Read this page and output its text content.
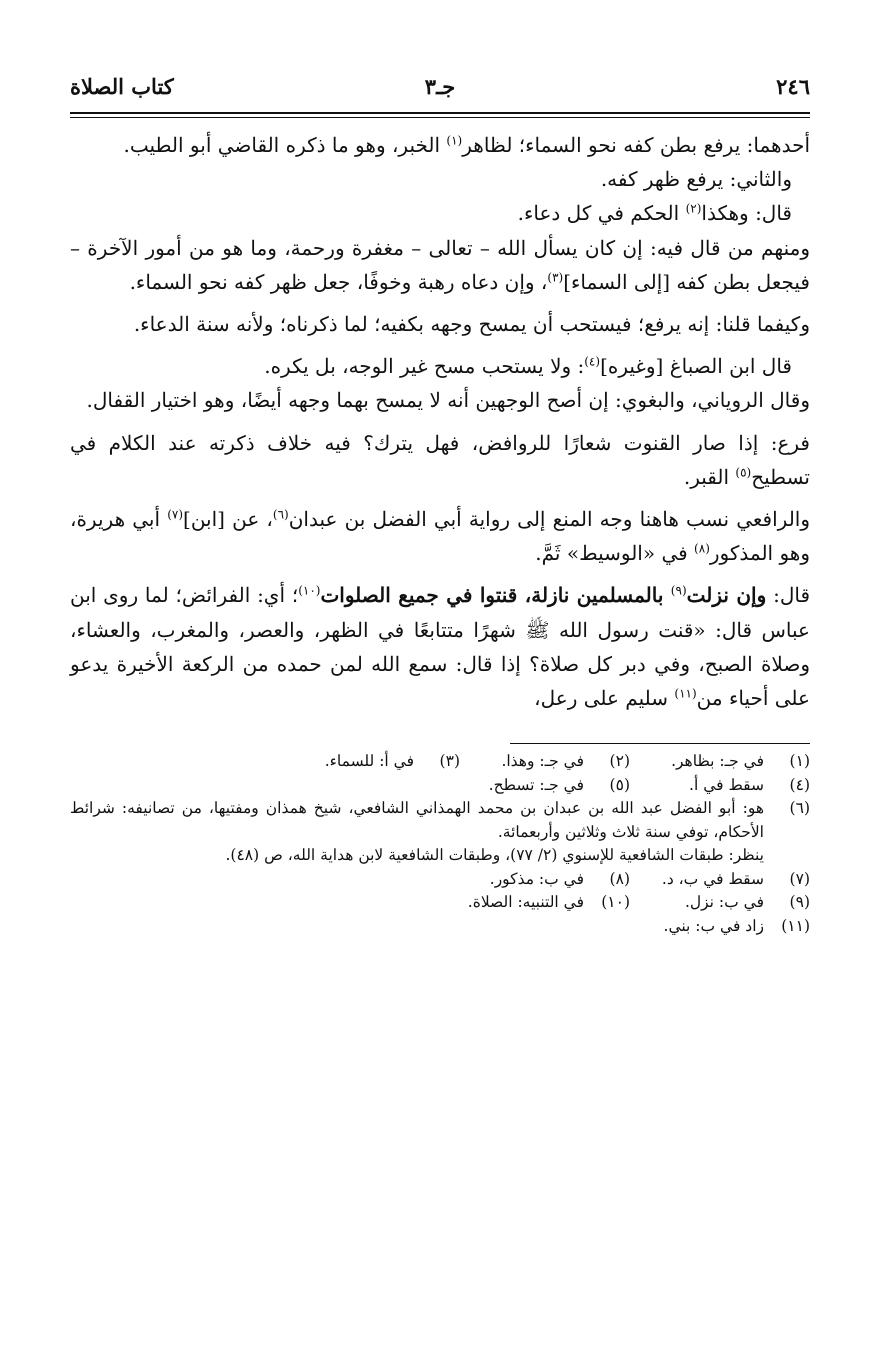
٢٤٦
جـ٣
كتاب الصلاة

أحدهما: يرفع بطن كفه نحو السماء؛ لظاهر$^{(١)}$ الخبر، وهو ما ذكره القاضي أبو الطيب.

والثاني: يرفع ظهر كفه.

قال: وهكذا$^{(٢)}$ الحكم في كل دعاء.

ومنهم من قال فيه: إن كان يسأل الله – تعالى – مغفرة ورحمة، وما هو من أمور الآخرة – فيجعل بطن كفه [إلى السماء]$^{(٣)}$، وإن دعاه رهبة وخوفًا، جعل ظهر كفه نحو السماء.

وكيفما قلنا: إنه يرفع؛ فيستحب أن يمسح وجهه بكفيه؛ لما ذكرناه؛ ولأنه سنة الدعاء.

قال ابن الصباغ [وغيره]$^{(٤)}$: ولا يستحب مسح غير الوجه، بل يكره.

وقال الروياني، والبغوي: إن أصح الوجهين أنه لا يمسح بهما وجهه أيضًا، وهو اختيار القفال.

فرع: إذا صار القنوت شعارًا للروافض، فهل يترك؟ فيه خلاف ذكرته عند الكلام في تسطيح$^{(٥)}$ القبر.

والرافعي نسب هاهنا وجه المنع إلى رواية أبي الفضل بن عبدان$^{(٦)}$، عن [ابن]$^{(٧)}$ أبي هريرة، وهو المذكور$^{(٨)}$ في «الوسيط» ثَمَّ.

قال: وإن نزلت$^{(٩)}$ بالمسلمين نازلة، قنتوا في جميع الصلوات$^{(١٠)}$؛ أي: الفرائض؛ لما روى ابن عباس قال: «قنت رسول الله ﷺ شهرًا متتابعًا في الظهر، والعصر، والمغرب، والعشاء، وصلاة الصبح، وفي دبر كل صلاة؟ إذا قال: سمع الله لمن حمده من الركعة الأخيرة يدعو على أحياء من$^{(١١)}$ سليم على رعل،

(١)
في جـ: بظاهر.
(٢)
في جـ: وهذا.
(٣)
في أ: للسماء.
(٤)
سقط في أ.
(٥)
في جـ: تسطح.
(٦)
هو: أبو الفضل عبد الله بن عبدان بن محمد الهمذاني الشافعي، شيخ همذان ومفتيها، من تصانيفه: شرائط الأحكام، توفي سنة ثلاث وثلاثين وأربعمائة.
ينظر: طبقات الشافعية للإسنوي (٢/ ٧٧)، وطبقات الشافعية لابن هداية الله، ص (٤٨).
(٧)
سقط في ب، د.
(٨)
في ب: مذكور.
(٩)
في ب: نزل.
(١٠)
في التنبيه: الصلاة.
(١١)
زاد في ب: بني.
